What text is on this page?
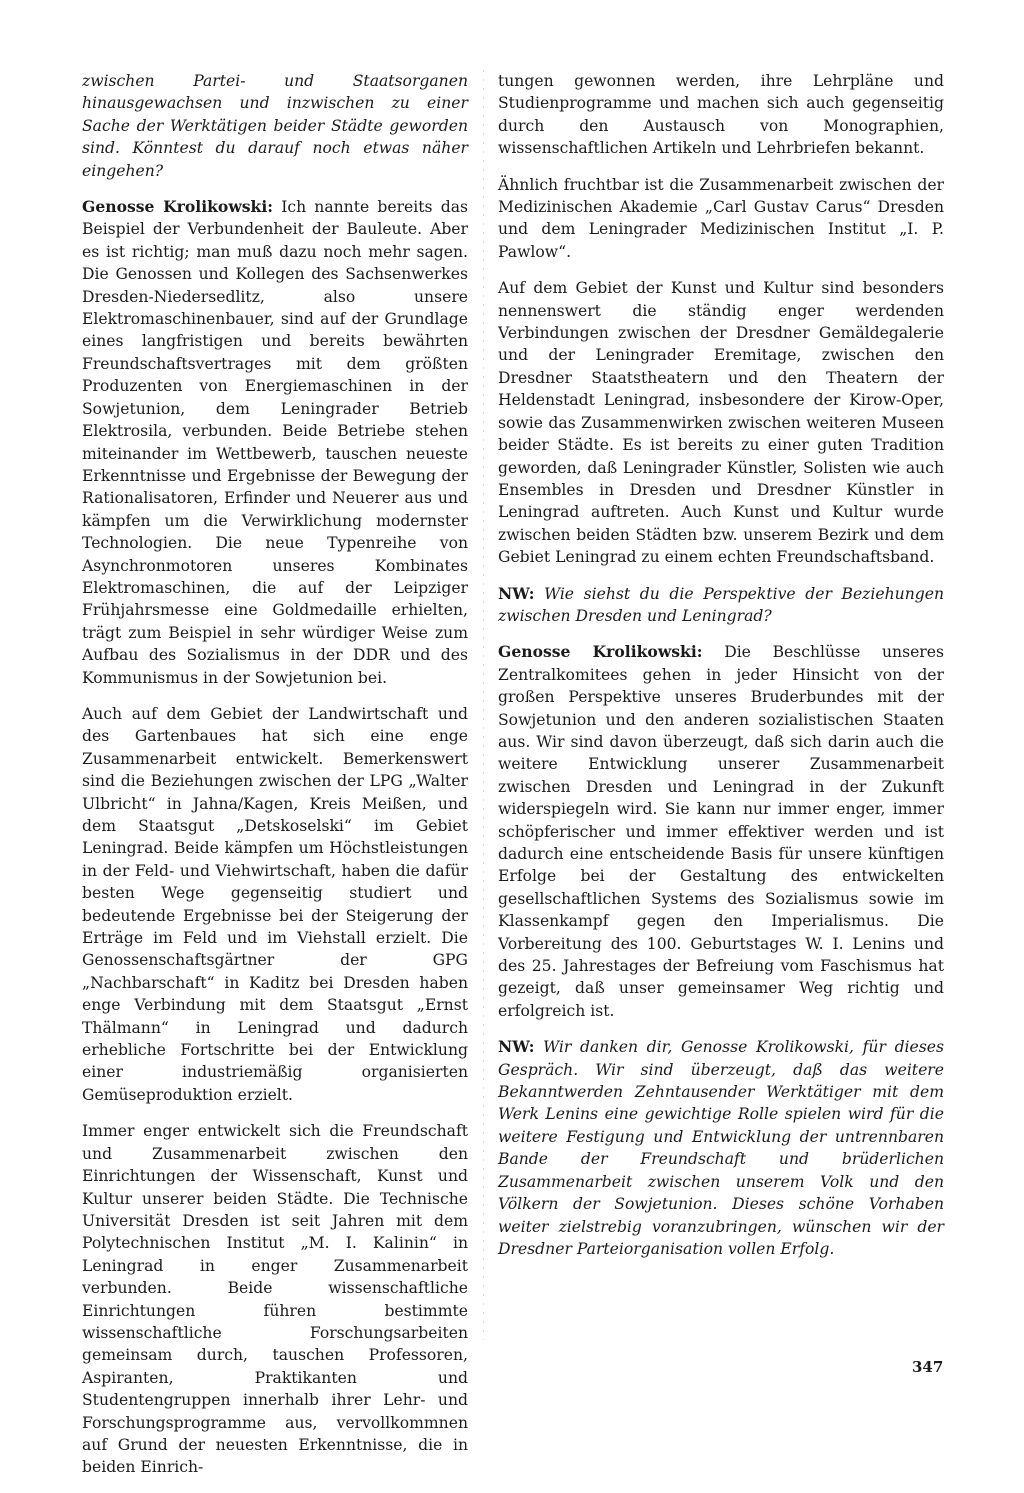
zwischen Partei- und Staatsorganen hinausgewachsen und inzwischen zu einer Sache der Werktätigen beider Städte geworden sind. Könntest du darauf noch etwas näher eingehen?

Genosse Krolikowski: Ich nannte bereits das Beispiel der Verbundenheit der Bauleute. Aber es ist richtig; man muß dazu noch mehr sagen. Die Genossen und Kollegen des Sachsenwerkes Dresden-Niedersedlitz, also unsere Elektromaschinenbauer, sind auf der Grundlage eines langfristigen und bereits bewährten Freundschaftsvertrages mit dem größten Produzenten von Energiemaschinen in der Sowjetunion, dem Leningrader Betrieb Elektrosila, verbunden. Beide Betriebe stehen miteinander im Wettbewerb, tauschen neueste Erkenntnisse und Ergebnisse der Bewegung der Rationalisatoren, Erfinder und Neuerer aus und kämpfen um die Verwirklichung modernster Technologien. Die neue Typenreihe von Asynchronmotoren unseres Kombinates Elektromaschinen, die auf der Leipziger Frühjahrsmesse eine Goldmedaille erhielten, trägt zum Beispiel in sehr würdiger Weise zum Aufbau des Sozialismus in der DDR und des Kommunismus in der Sowjetunion bei.

Auch auf dem Gebiet der Landwirtschaft und des Gartenbaues hat sich eine enge Zusammenarbeit entwickelt. Bemerkenswert sind die Beziehungen zwischen der LPG „Walter Ulbricht“ in Jahna/Kagen, Kreis Meißen, und dem Staatsgut „Detskoselski“ im Gebiet Leningrad. Beide kämpfen um Höchstleistungen in der Feld- und Viehwirtschaft, haben die dafür besten Wege gegenseitig studiert und bedeutende Ergebnisse bei der Steigerung der Erträge im Feld und im Viehstall erzielt. Die Genossenschaftsgärtner der GPG „Nachbarschaft“ in Kaditz bei Dresden haben enge Verbindung mit dem Staatsgut „Ernst Thälmann“ in Leningrad und dadurch erhebliche Fortschritte bei der Entwicklung einer industriemäßig organisierten Gemüseproduktion erzielt.

Immer enger entwickelt sich die Freundschaft und Zusammenarbeit zwischen den Einrichtungen der Wissenschaft, Kunst und Kultur unserer beiden Städte. Die Technische Universität Dresden ist seit Jahren mit dem Polytechnischen Institut „M. I. Kalinin“ in Leningrad in enger Zusammenarbeit verbunden. Beide wissenschaftliche Einrichtungen führen bestimmte wissenschaftliche Forschungsarbeiten gemeinsam durch, tauschen Professoren, Aspiranten, Praktikanten und Studentengruppen innerhalb ihrer Lehr- und Forschungsprogramme aus, vervollkommnen auf Grund der neuesten Erkenntnisse, die in beiden Einrich-

tungen gewonnen werden, ihre Lehrpläne und Studienprogramme und machen sich auch gegenseitig durch den Austausch von Monographien, wissenschaftlichen Artikeln und Lehrbriefen bekannt.

Ähnlich fruchtbar ist die Zusammenarbeit zwischen der Medizinischen Akademie „Carl Gustav Carus“ Dresden und dem Leningrader Medizinischen Institut „I. P. Pawlow“.

Auf dem Gebiet der Kunst und Kultur sind besonders nennenswert die ständig enger werdenden Verbindungen zwischen der Dresdner Gemäldegalerie und der Leningrader Eremitage, zwischen den Dresdner Staatstheatern und den Theatern der Heldenstadt Leningrad, insbesondere der Kirow-Oper, sowie das Zusammenwirken zwischen weiteren Museen beider Städte. Es ist bereits zu einer guten Tradition geworden, daß Leningrader Künstler, Solisten wie auch Ensembles in Dresden und Dresdner Künstler in Leningrad auftreten. Auch Kunst und Kultur wurde zwischen beiden Städten bzw. unserem Bezirk und dem Gebiet Leningrad zu einem echten Freundschaftsband.

NW: Wie siehst du die Perspektive der Beziehungen zwischen Dresden und Leningrad?

Genosse Krolikowski: Die Beschlüsse unseres Zentralkomitees gehen in jeder Hinsicht von der großen Perspektive unseres Bruderbundes mit der Sowjetunion und den anderen sozialistischen Staaten aus. Wir sind davon überzeugt, daß sich darin auch die weitere Entwicklung unserer Zusammenarbeit zwischen Dresden und Leningrad in der Zukunft widerspiegeln wird. Sie kann nur immer enger, immer schöpferischer und immer effektiver werden und ist dadurch eine entscheidende Basis für unsere künftigen Erfolge bei der Gestaltung des entwickelten gesellschaftlichen Systems des Sozialismus sowie im Klassenkampf gegen den Imperialismus. Die Vorbereitung des 100. Geburtstages W. I. Lenins und des 25. Jahrestages der Befreiung vom Faschismus hat gezeigt, daß unser gemeinsamer Weg richtig und erfolgreich ist.

NW: Wir danken dir, Genosse Krolikowski, für dieses Gespräch. Wir sind überzeugt, daß das weitere Bekanntwerden Zehntausender Werktätiger mit dem Werk Lenins eine gewichtige Rolle spielen wird für die weitere Festigung und Entwicklung der untrennbaren Bande der Freundschaft und brüderlichen Zusammenarbeit zwischen unserem Volk und den Völkern der Sowjetunion. Dieses schöne Vorhaben weiter zielstrebig voranzubringen, wünschen wir der Dresdner Parteiorganisation vollen Erfolg.

347
